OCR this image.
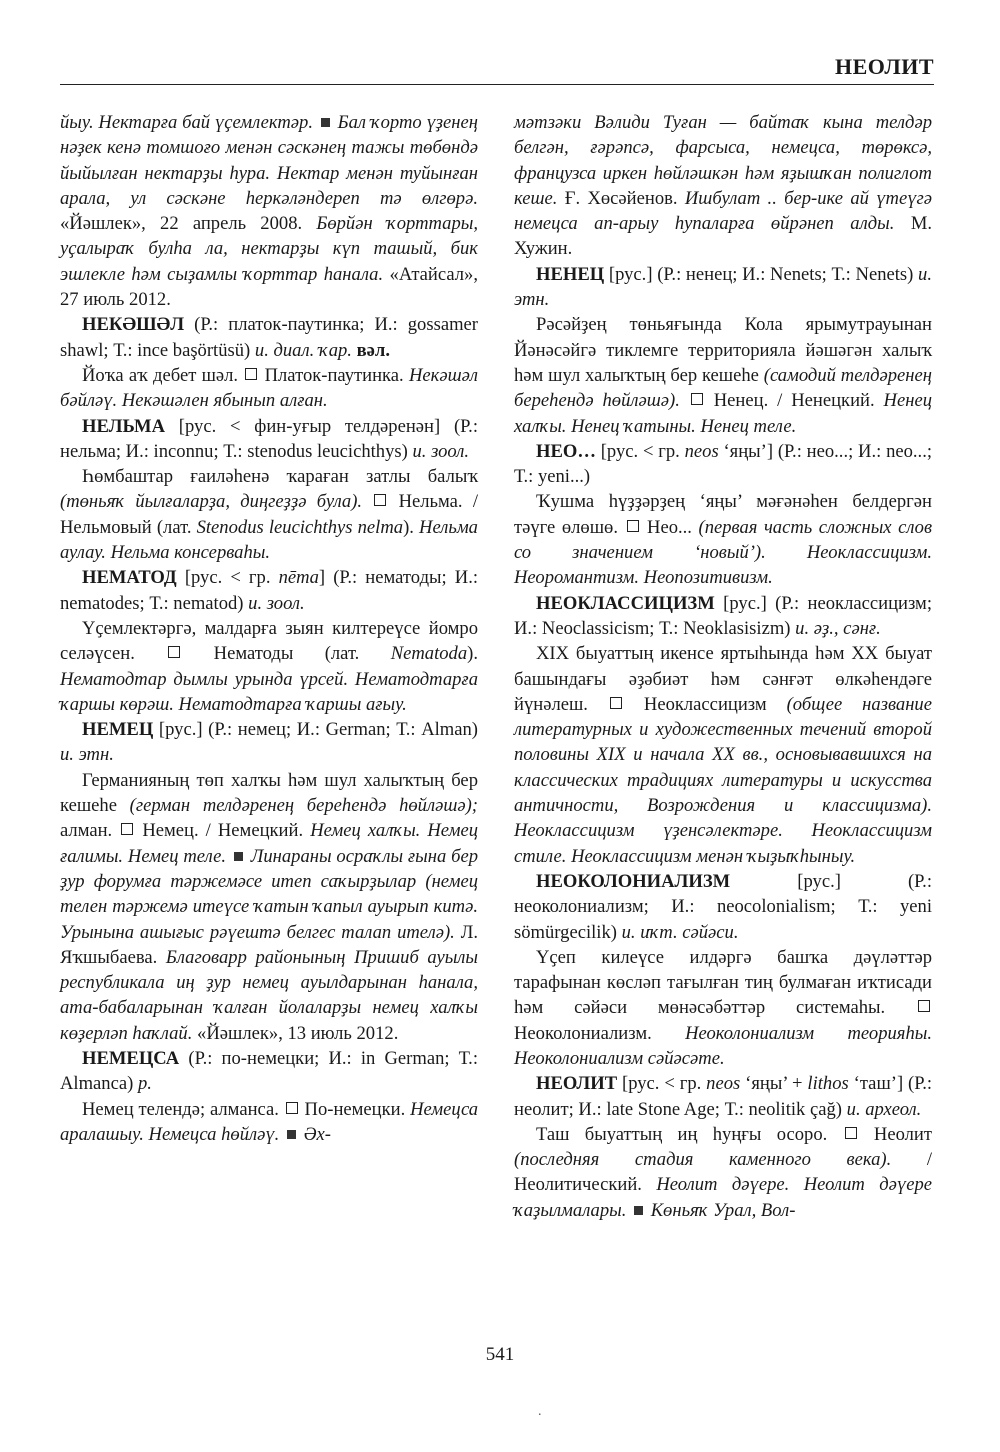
НЕОЛИТ

йыу. Нектарға бай үҫемлектәр. Бал ҡорто үҙенең нәҙек кенә томшоғо менән сәскәнең тажы төбөндә йыйылған нектарҙы һура. Нектар менән туйынған арала, ул сәскәне һеркәләндереп тә өлгөрә. «Йәшлек», 22 апрель 2008. Бөрйән ҡорттары, уҫалыраҡ булһа ла, нектарҙы күп ташый, бик эшлекле һәм сыҙамлы ҡорттар һанала. «Атайсал», 27 июль 2012.

НЕКӘШӘЛ (Р.: платок-паутинка; И.: gossamer shawl; Т.: ince başörtüsü) и. диал. ҡар. вәл.

Йоҡа аҡ дебет шәл. Платок-паутинка. Некәшәл бәйләү. Некәшәлен ябынып алған.

НЕЛЬМА [рус. < фин-уғыр телдәренән] (Р.: нельма; И.: inconnu; Т.: stenodus leucichthys) и. зоол.

Һөмбаштар ғаиләһенә ҡараған затлы балыҡ (төньяҡ йылғаларҙа, диңгеҙҙә була). Нельма. / Нельмовый (лат. Stenodus leucichthys nelma). Нельма аулау. Нельма консерваһы.

НЕМАТОД [рус. < гр. nēma] (Р.: нематоды; И.: nematodes; Т.: nematod) и. зоол.

Үҫемлектәргә, малдарға зыян килтереүсе йомро селәүсен.	Нематоды (лат. Nematoda). Нематодтар дымлы урында үрсей. Нематодтарға ҡаршы көрәш. Нематодтарға ҡаршы ағыу.

НЕМЕЦ [рус.] (Р.: немец; И.: German; Т.: Alman) и. этн.

Германияның төп халҡы һәм шул халыҡтың бер кешеһе (герман телдәренең береһендә һөйләшә); алман. Немец. / Немецкий. Немец халҡы. Немец ғалимы. Немец теле. Линараны осраҡлы ғына бер ҙур форумға тәржемәсе итеп саҡырҙылар (немец телен тәржемә итеүсе ҡатын ҡапыл ауырып китә. Урынына ашығыс рәүештә белгес талап ителә). Л. Яҡшыбаева. Благоварр районының Пришиб ауылы республикала иң ҙур немец ауылдарынан һанала, ата-бабаларынан ҡалған йолаларҙы немец халҡы көҙерләп һаҡлай. «Йәшлек», 13 июль 2012.

НЕМЕЦСА (Р.: по-немецки; И.: in German; Т.: Almanca) р.

Немец телендә; алманса. По-немецки. Немецса аралашыу. Немецса һөйләү. Әх-

мәтзәки Вәлиди Туған — байтаҡ кына телдәр белгән, ғәрәпсә, фарсыса, немецса, төрөксә, французса иркен һөйләшкән һәм яҙышҡан полиглот кеше. Ғ. Хөсәйенов. Ишбулат .. бер-ике ай үтеүгә немецса ап-арыу һупаларға өйрәнеп алды. М. Хужин.

НЕНЕЦ [рус.] (Р.: ненец; И.: Nenets; Т.: Nenets) и. этн.

Рәсәйҙең төньяғында Кола ярымутрауынан Йәнәсәйгә тиклемге территорияла йәшәгән халыҡ һәм шул халыҡтың бер кешеһе (самодий телдәренең береһендә һөйләшә). Ненец. / Ненецкий. Ненец халҡы. Ненец ҡатыны. Ненец теле.

НЕО… [рус. < гр. neos ‘яңы’] (Р.: нео...; И.: neo...; Т.: yeni...)

Ҡушма һүҙҙәрҙең ‘яңы’ мәғәнәһен белдергән тәүге өлөшө. Нео... (первая часть сложных слов со значением ‘новый’). Неоклассицизм. Неоромантизм. Неопозитивизм.

НЕОКЛАССИЦИЗМ [рус.] (Р.: неоклассицизм; И.: Neoclassicism; Т.: Neoklasisizm) и. әҙ., сәнғ.

XIX быуаттың икенсе яртыһында һәм XX быуат башындағы әҙәбиәт һәм сәнғәт өлкәһендәге йүнәлеш.	Неоклассицизм (общее название литературных и художественных течений второй половины XIX и начала XX вв., основывавшихся на классических традициях литературы и искусства античности, Возрождения и классицизма). Неоклассицизм үҙенсәлектәре. Неоклассицизм стиле. Неоклассицизм менән ҡыҙыҡһыныу.

НЕОКОЛОНИАЛИЗМ	[рус.] (Р.: неоколониализм; И.: neocolonialism; Т.: yeni sömürgecilik) и. иҡт. сәйәси.

Үҫеп килеүсе илдәргә башҡа дәүләттәр тарафынан көсләп тағылған тиң булмаған иҡтисади һәм сәйәси мөнәсәбәттәр системаһы.  Неоколониализм. Неоколониализм теорияһы. Неоколониализм сәйәсәте.

НЕОЛИТ [рус. < гр. neos ‘яңы’ + lithos ‘таш’] (Р.: неолит; И.: late Stone Age; Т.: neolitik çağ) и. археол.

Таш быуаттың иң һуңғы осоро.	Неолит (последняя стадия каменного века). / Неолитический. Неолит дәүере. Неолит дәүере ҡаҙылмалары. Көньяҡ Урал, Вол-

541
.
